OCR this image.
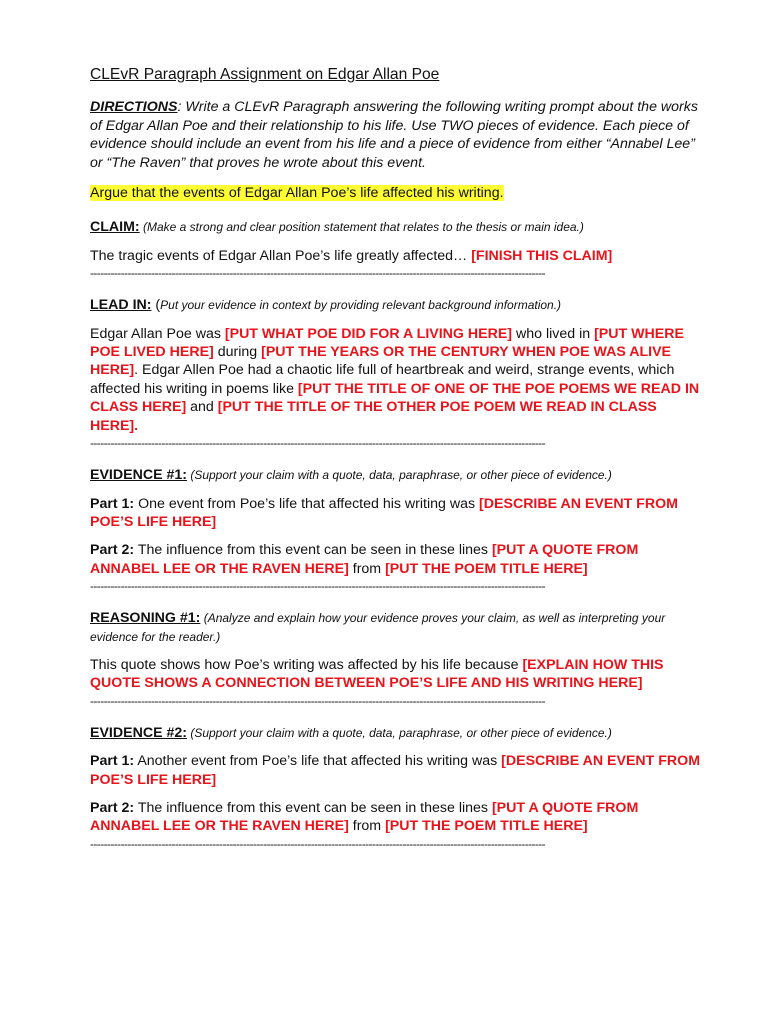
CLEvR Paragraph Assignment on Edgar Allan Poe

DIRECTIONS: Write a CLEvR Paragraph answering the following writing prompt about the works of Edgar Allan Poe and their relationship to his life. Use TWO pieces of evidence. Each piece of evidence should include an event from his life and a piece of evidence from either “Annabel Lee” or “The Raven” that proves he wrote about this event.

Argue that the events of Edgar Allan Poe’s life affected his writing.

CLAIM: (Make a strong and clear position statement that relates to the thesis or main idea.)

The tragic events of Edgar Allan Poe’s life greatly affected… [FINISH THIS CLAIM]

--------------------------------------------------------------------------------------------------------------------------------------

LEAD IN: (Put your evidence in context by providing relevant background information.)

Edgar Allan Poe was [PUT WHAT POE DID FOR A LIVING HERE] who lived in [PUT WHERE POE LIVED HERE] during [PUT THE YEARS OR THE CENTURY WHEN POE WAS ALIVE HERE]. Edgar Allen Poe had a chaotic life full of heartbreak and weird, strange events, which affected his writing in poems like [PUT THE TITLE OF ONE OF THE POE POEMS WE READ IN CLASS HERE] and [PUT THE TITLE OF THE OTHER POE POEM WE READ IN CLASS HERE].

--------------------------------------------------------------------------------------------------------------------------------------

EVIDENCE #1: (Support your claim with a quote, data, paraphrase, or other piece of evidence.)

Part 1: One event from Poe’s life that affected his writing was [DESCRIBE AN EVENT FROM POE’S LIFE HERE]

Part 2: The influence from this event can be seen in these lines [PUT A QUOTE FROM ANNABEL LEE OR THE RAVEN HERE] from [PUT THE POEM TITLE HERE]

--------------------------------------------------------------------------------------------------------------------------------------

REASONING #1: (Analyze and explain how your evidence proves your claim, as well as interpreting your evidence for the reader.)

This quote shows how Poe’s writing was affected by his life because [EXPLAIN HOW THIS QUOTE SHOWS A CONNECTION BETWEEN POE’S LIFE AND HIS WRITING HERE]

--------------------------------------------------------------------------------------------------------------------------------------

EVIDENCE #2: (Support your claim with a quote, data, paraphrase, or other piece of evidence.)

Part 1: Another event from Poe’s life that affected his writing was [DESCRIBE AN EVENT FROM POE’S LIFE HERE]

Part 2: The influence from this event can be seen in these lines [PUT A QUOTE FROM ANNABEL LEE OR THE RAVEN HERE] from [PUT THE POEM TITLE HERE]

--------------------------------------------------------------------------------------------------------------------------------------
